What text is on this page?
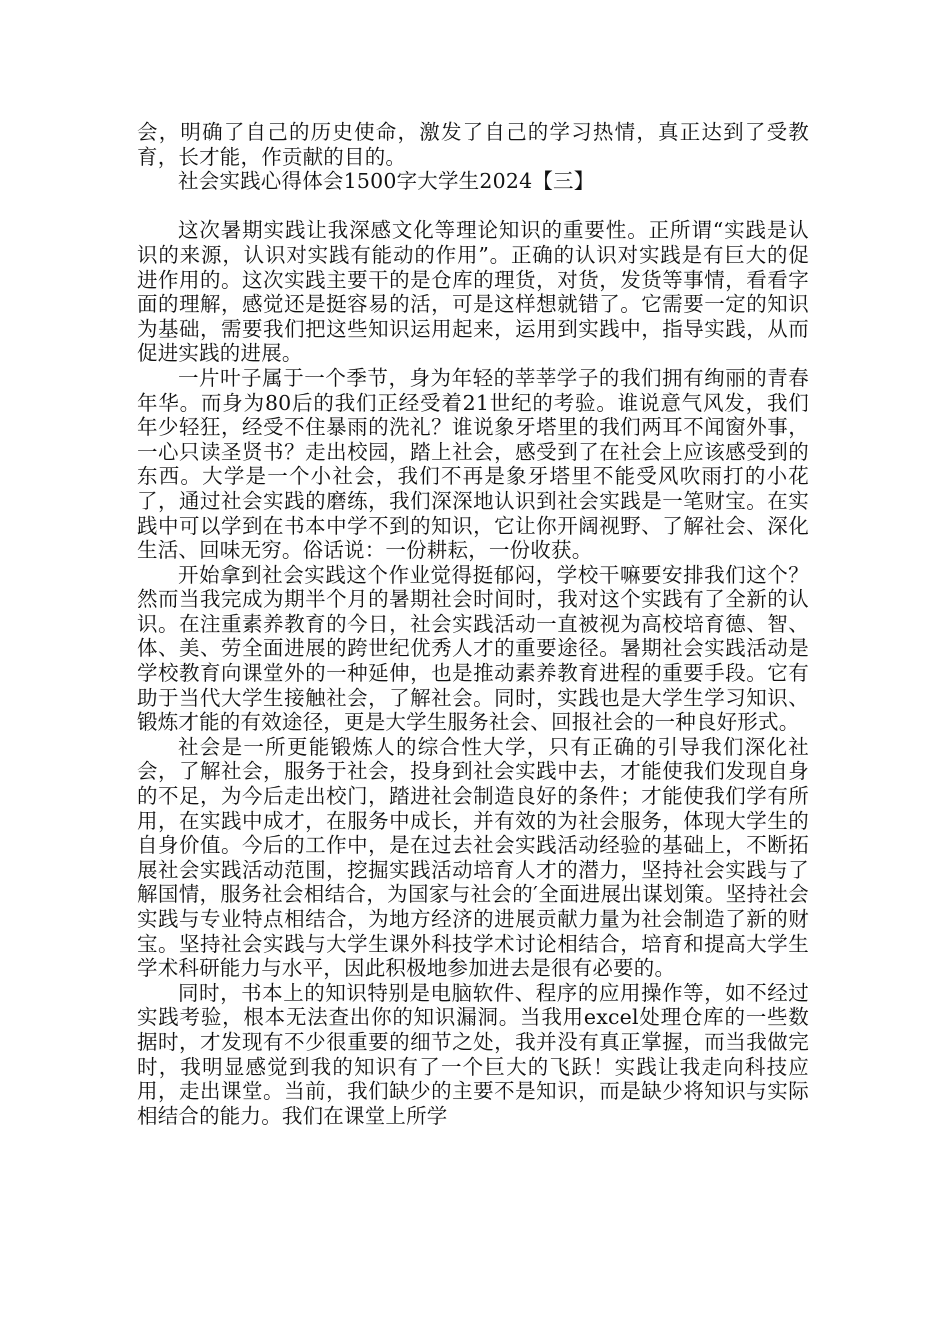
会，明确了自己的历史使命，激发了自己的学习热情，真正达到了受教育，长才能，作贡献的目的。

社会实践心得体会1500字大学生2024【三】

这次暑期实践让我深感文化等理论知识的重要性。正所谓“实践是认识的来源，认识对实践有能动的作用”。正确的认识对实践是有巨大的促进作用的。这次实践主要干的是仓库的理货，对货，发货等事情，看看字面的理解，感觉还是挺容易的活，可是这样想就错了。它需要一定的知识为基础，需要我们把这些知识运用起来，运用到实践中，指导实践，从而促进实践的进展。

一片叶子属于一个季节，身为年轻的莘莘学子的我们拥有绚丽的青春年华。而身为80后的我们正经受着21世纪的考验。谁说意气风发，我们年少轻狂，经受不住暴雨的洗礼？谁说象牙塔里的我们两耳不闻窗外事，一心只读圣贤书？走出校园，踏上社会，感受到了在社会上应该感受到的东西。大学是一个小社会，我们不再是象牙塔里不能受风吹雨打的小花了，通过社会实践的磨练，我们深深地认识到社会实践是一笔财宝。在实践中可以学到在书本中学不到的知识，它让你开阔视野、了解社会、深化生活、回味无穷。俗话说：一份耕耘，一份收获。

开始拿到社会实践这个作业觉得挺郁闷，学校干嘛要安排我们这个？然而当我完成为期半个月的暑期社会时间时，我对这个实践有了全新的认识。在注重素养教育的今日，社会实践活动一直被视为高校培育德、智、体、美、劳全面进展的跨世纪优秀人才的重要途径。暑期社会实践活动是学校教育向课堂外的一种延伸，也是推动素养教育进程的重要手段。它有助于当代大学生接触社会，了解社会。同时，实践也是大学生学习知识、锻炼才能的有效途径，更是大学生服务社会、回报社会的一种良好形式。

社会是一所更能锻炼人的综合性大学，只有正确的引导我们深化社会，了解社会，服务于社会，投身到社会实践中去，才能使我们发现自身的不足，为今后走出校门，踏进社会制造良好的条件；才能使我们学有所用，在实践中成才，在服务中成长，并有效的为社会服务，体现大学生的自身价值。今后的工作中，是在过去社会实践活动经验的基础上，不断拓展社会实践活动范围，挖掘实践活动培育人才的潜力，坚持社会实践与了解国情，服务社会相结合，为国家与社会的′全面进展出谋划策。坚持社会实践与专业特点相结合，为地方经济的进展贡献力量为社会制造了新的财宝。坚持社会实践与大学生课外科技学术讨论相结合，培育和提高大学生学术科研能力与水平，因此积极地参加进去是很有必要的。

同时，书本上的知识特别是电脑软件、程序的应用操作等，如不经过实践考验，根本无法查出你的知识漏洞。当我用excel处理仓库的一些数据时，才发现有不少很重要的细节之处，我并没有真正掌握，而当我做完时，我明显感觉到我的知识有了一个巨大的飞跃！实践让我走向科技应用，走出课堂。当前，我们缺少的主要不是知识，而是缺少将知识与实际相结合的能力。我们在课堂上所学
